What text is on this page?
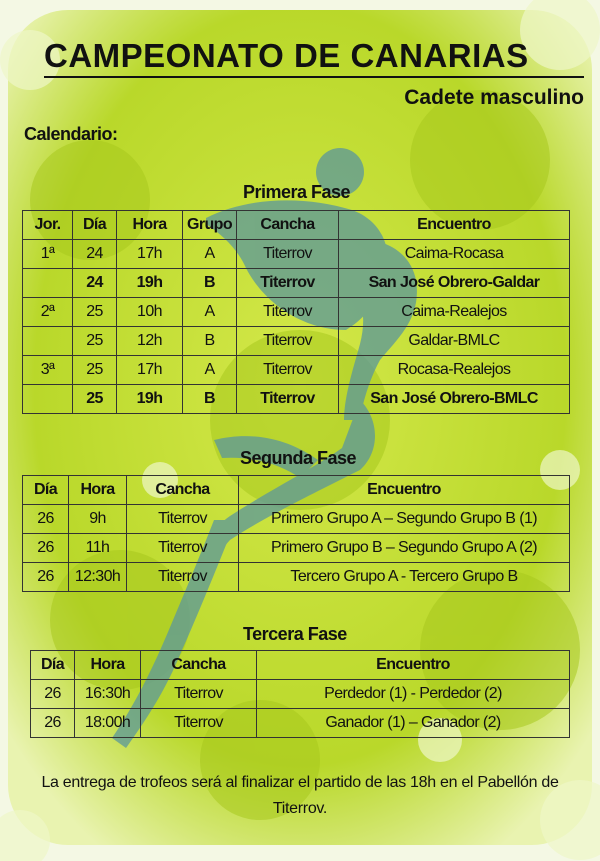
CAMPEONATO DE CANARIAS
Cadete masculino
Calendario:
Primera Fase
Jor.	Día	Hora	Grupo	Cancha	Encuentro
1ª	24	17h	A	Titerrov	Caima-Rocasa
	24	19h	B	Titerrov	San José Obrero-Galdar
2ª	25	10h	A	Titerrov	Caima-Realejos
	25	12h	B	Titerrov	Galdar-BMLC
3ª	25	17h	A	Titerrov	Rocasa-Realejos
	25	19h	B	Titerrov	San José Obrero-BMLC
Segunda Fase
Día	Hora	Cancha	Encuentro
26	9h	Titerrov	Primero Grupo A – Segundo Grupo B (1)
26	11h	Titerrov	Primero Grupo B – Segundo Grupo A (2)
26	12:30h	Titerrov	Tercero Grupo A - Tercero Grupo B
Tercera Fase
Día	Hora	Cancha	Encuentro
26	16:30h	Titerrov	Perdedor (1) - Perdedor (2)
26	18:00h	Titerrov	Ganador (1) – Ganador (2)
La entrega de trofeos será al finalizar el partido de las 18h en el Pabellón de Titerrov.
